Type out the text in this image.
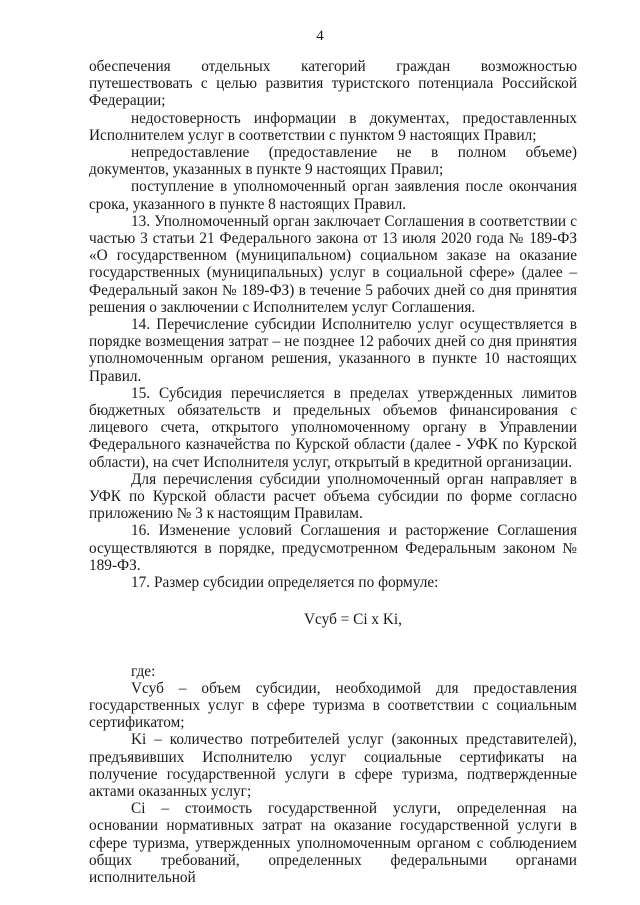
4

обеспечения отдельных категорий граждан возможностью путешествовать с целью развития туристского потенциала Российской Федерации;

недостоверность информации в документах, предоставленных Исполнителем услуг в соответствии с пунктом 9 настоящих Правил;

непредоставление (предоставление не в полном объеме) документов, указанных в пункте 9 настоящих Правил;

поступление в уполномоченный орган заявления после окончания срока, указанного в пункте 8 настоящих Правил.

13. Уполномоченный орган заключает Соглашения в соответствии с частью 3 статьи 21 Федерального закона от 13 июля 2020 года № 189-ФЗ «О государственном (муниципальном) социальном заказе на оказание государственных (муниципальных) услуг в социальной сфере» (далее – Федеральный закон № 189-ФЗ) в течение 5 рабочих дней со дня принятия решения о заключении с Исполнителем услуг Соглашения.

14. Перечисление субсидии Исполнителю услуг осуществляется в порядке возмещения затрат – не позднее 12 рабочих дней со дня принятия уполномоченным органом решения, указанного в пункте 10 настоящих Правил.

15. Субсидия перечисляется в пределах утвержденных лимитов бюджетных обязательств и предельных объемов финансирования с лицевого счета, открытого уполномоченному органу в Управлении Федерального казначейства по Курской области (далее - УФК по Курской области), на счет Исполнителя услуг, открытый в кредитной организации.

Для перечисления субсидии уполномоченный орган направляет в УФК по Курской области расчет объема субсидии по форме согласно приложению № 3 к настоящим Правилам.

16. Изменение условий Соглашения и расторжение Соглашения осуществляются в порядке, предусмотренном Федеральным законом № 189-ФЗ.

17. Размер субсидии определяется по формуле:

Vсуб = Ci x Ki,

где:

Vсуб – объем субсидии, необходимой для предоставления государственных услуг в сфере туризма в соответствии с социальным сертификатом;

Ki – количество потребителей услуг (законных представителей), предъявивших Исполнителю услуг социальные сертификаты на получение государственной услуги в сфере туризма, подтвержденные актами оказанных услуг;

Ci – стоимость государственной услуги, определенная на основании нормативных затрат на оказание государственной услуги в сфере туризма, утвержденных уполномоченным органом с соблюдением общих требований, определенных федеральными органами исполнительной
